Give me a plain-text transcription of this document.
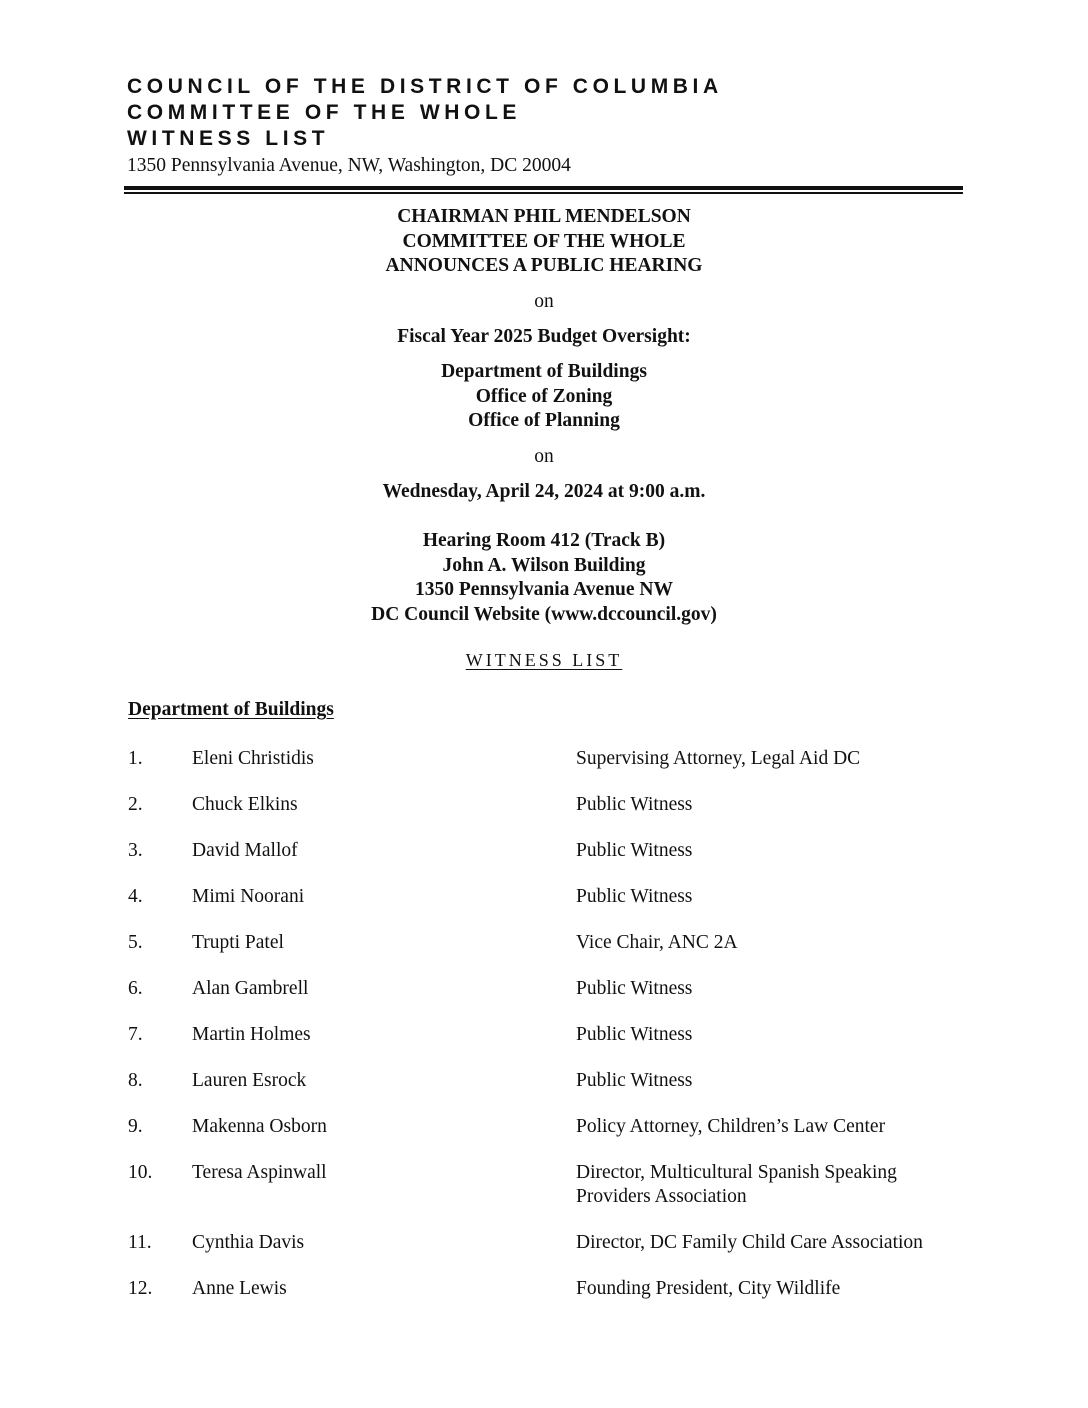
COUNCIL OF THE DISTRICT OF COLUMBIA
COMMITTEE OF THE WHOLE
WITNESS LIST
1350 Pennsylvania Avenue, NW, Washington, DC 20004
CHAIRMAN PHIL MENDELSON
COMMITTEE OF THE WHOLE
ANNOUNCES A PUBLIC HEARING
on
Fiscal Year 2025 Budget Oversight:
Department of Buildings
Office of Zoning
Office of Planning
on
Wednesday, April 24, 2024 at 9:00 a.m.
Hearing Room 412 (Track B)
John A. Wilson Building
1350 Pennsylvania Avenue NW
DC Council Website (www.dccouncil.gov)
WITNESS LIST
Department of Buildings
1.	Eleni Christidis	Supervising Attorney, Legal Aid DC
2.	Chuck Elkins	Public Witness
3.	David Mallof	Public Witness
4.	Mimi Noorani	Public Witness
5.	Trupti Patel	Vice Chair, ANC 2A
6.	Alan Gambrell	Public Witness
7.	Martin Holmes	Public Witness
8.	Lauren Esrock	Public Witness
9.	Makenna Osborn	Policy Attorney, Children’s Law Center
10. Teresa Aspinwall	Director, Multicultural Spanish Speaking Providers Association
11. Cynthia Davis	Director, DC Family Child Care Association
12. Anne Lewis	Founding President, City Wildlife
